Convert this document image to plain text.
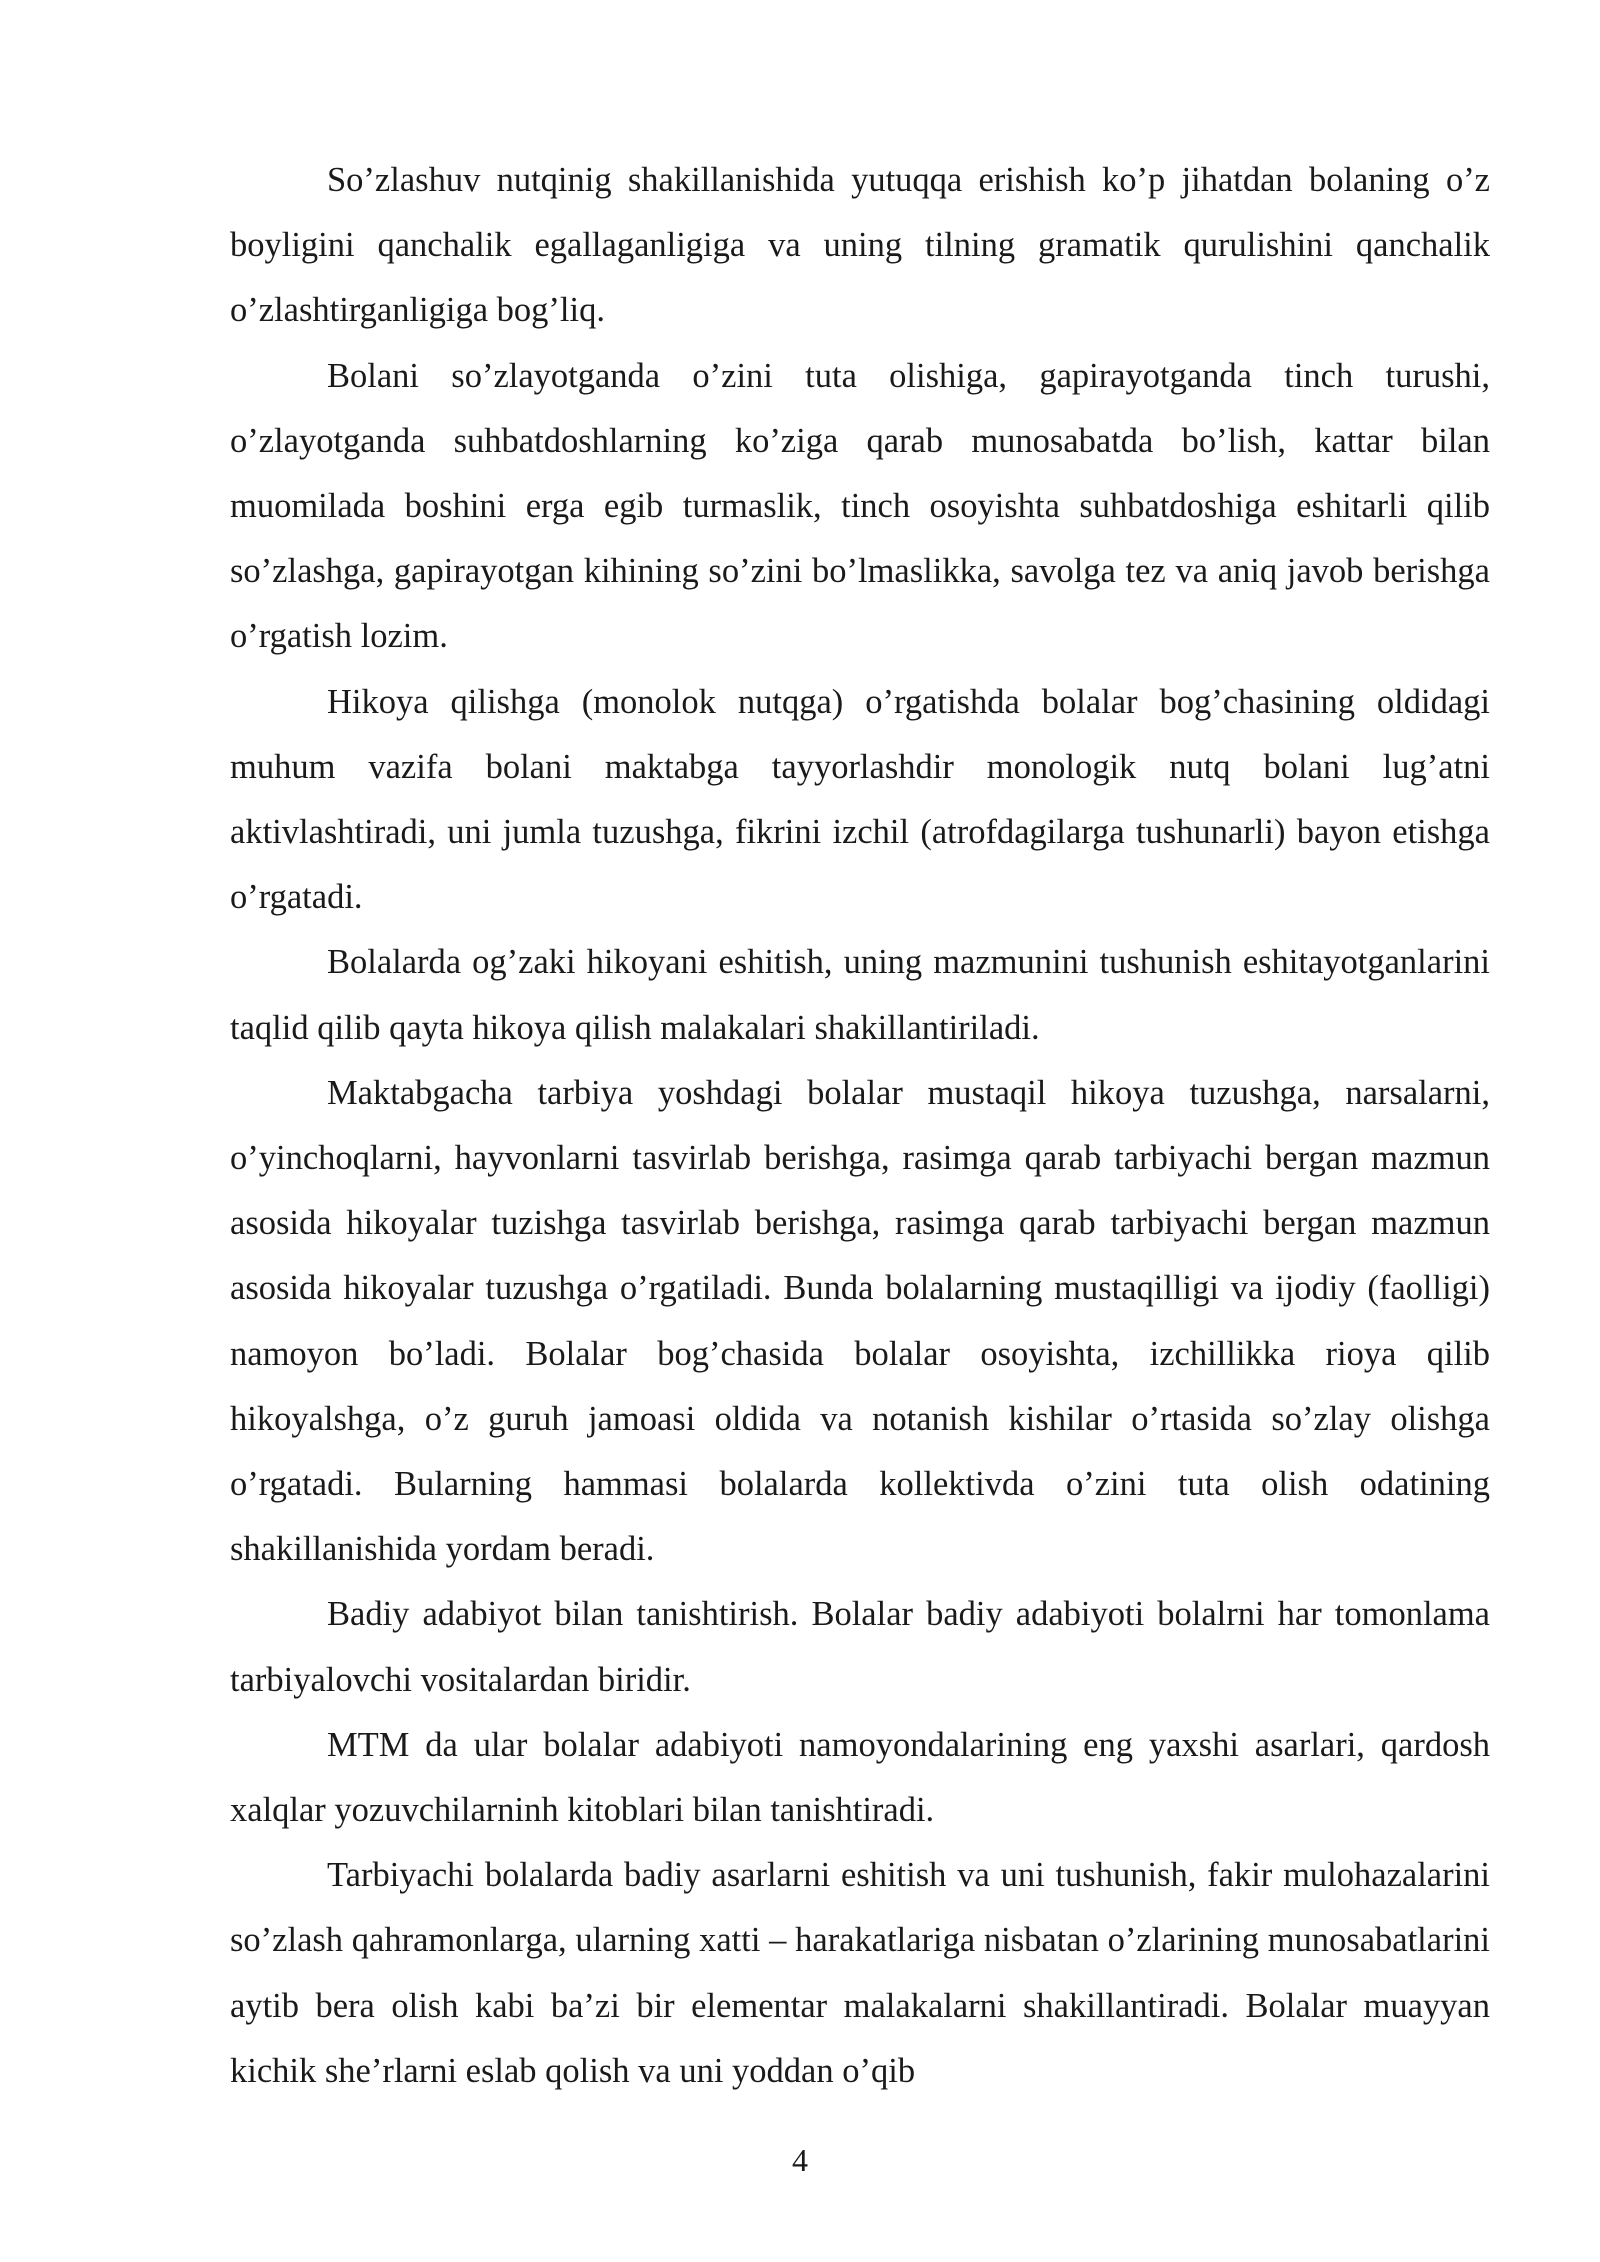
So’zlashuv nutqinig shakillanishida yutuqqa erishish ko’p jihatdan bolaning o’z boyligini qanchalik egallaganligiga va uning tilning gramatik qurulishini qanchalik o’zlashtirganligiga bog’liq.

Bolani so’zlayotganda o’zini tuta olishiga, gapirayotganda tinch turushi, o’zlayotganda suhbatdoshlarning ko’ziga qarab munosabatda bo’lish, kattar bilan muomilada boshini erga egib turmaslik, tinch osoyishta suhbatdoshiga eshitarli qilib so’zlashga, gapirayotgan kihining so’zini bo’lmaslikka, savolga tez va aniq javob berishga o’rgatish lozim.

Hikoya qilishga (monolok nutqga) o’rgatishda bolalar bog’chasining oldidagi muhum vazifa bolani maktabga tayyorlashdir monologik nutq bolani lug’atni aktivlashtiradi, uni jumla tuzushga, fikrini izchil (atrofdagilarga tushunarli) bayon etishga o’rgatadi.

Bolalarda og’zaki hikoyani eshitish, uning mazmunini tushunish eshitayotganlarini taqlid qilib qayta hikoya qilish malakalari shakillantiriladi.

Maktabgacha tarbiya yoshdagi bolalar mustaqil hikoya tuzushga, narsalarni, o’yinchoqlarni, hayvonlarni tasvirlab berishga, rasimga qarab tarbiyachi bergan mazmun asosida hikoyalar tuzishga tasvirlab berishga, rasimga qarab tarbiyachi bergan mazmun asosida hikoyalar tuzushga o’rgatiladi. Bunda bolalarning mustaqilligi va ijodiy (faolligi) namoyon bo’ladi. Bolalar bog’chasida bolalar osoyishta, izchillikka rioya qilib hikoyalshga, o’z guruh jamoasi oldida va notanish kishilar o’rtasida so’zlay olishga o’rgatadi. Bularning hammasi bolalarda kollektivda o’zini tuta olish odatining shakillanishida yordam beradi.

Badiy adabiyot bilan tanishtirish. Bolalar badiy adabiyoti bolalrni har tomonlama tarbiyalovchi vositalardan biridir.

MTM da ular bolalar adabiyoti namoyondalarining eng yaxshi asarlari, qardosh xalqlar yozuvchilarninh kitoblari bilan tanishtiradi.

Tarbiyachi bolalarda badiy asarlarni eshitish va uni tushunish, fakir mulohazalarini so’zlash qahramonlarga, ularning xatti – harakatlariga nisbatan o’zlarining munosabatlarini aytib bera olish kabi ba’zi bir elementar malakalarni shakillantiradi. Bolalar muayyan kichik she’rlarni eslab qolish va uni yoddan o’qib

4
